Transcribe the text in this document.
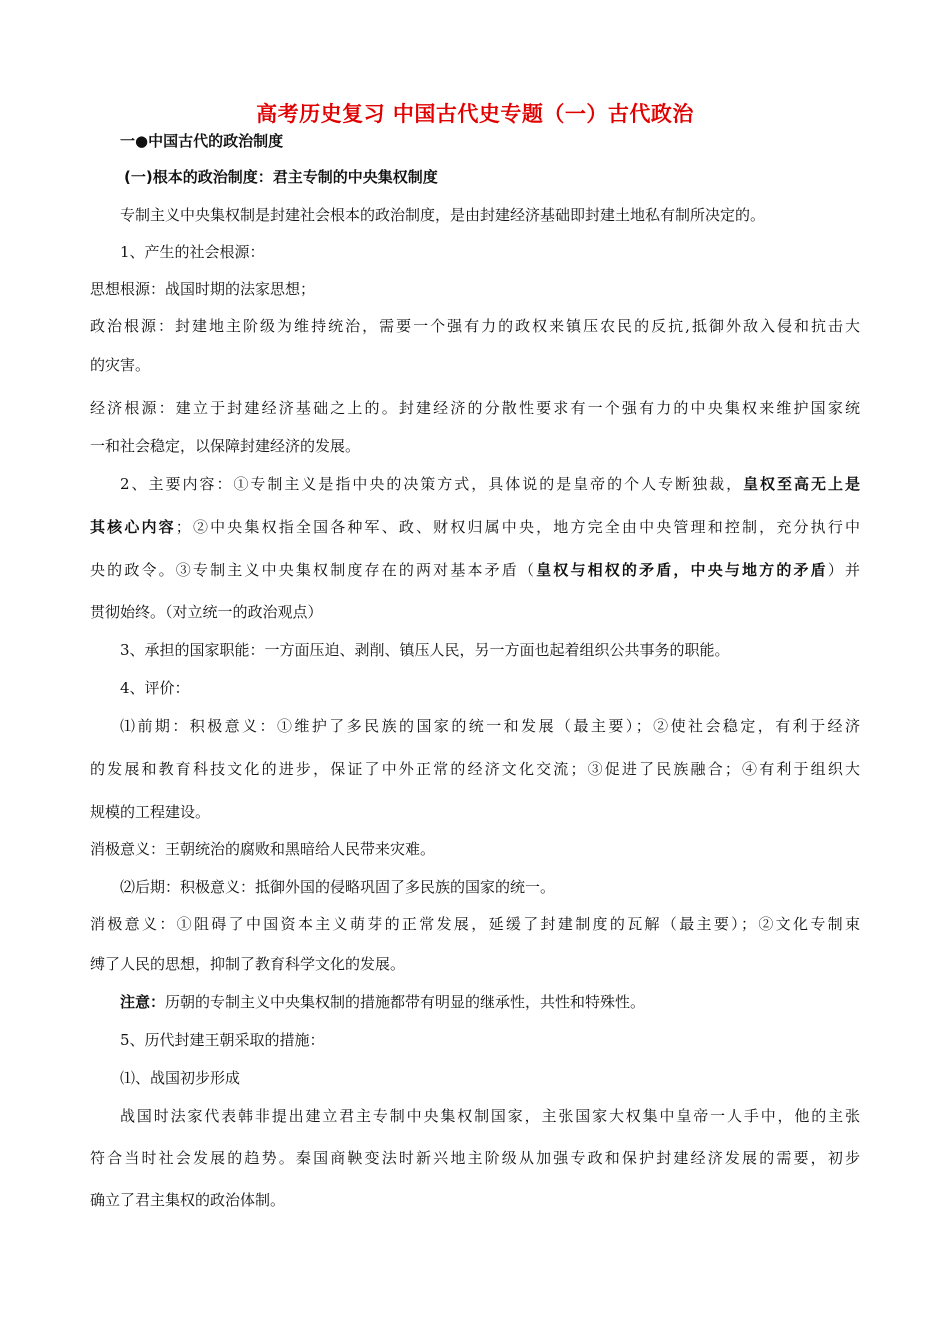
高考历史复习 中国古代史专题（一）古代政治
一●中国古代的政治制度
(一)根本的政治制度：君主专制的中央集权制度
专制主义中央集权制是封建社会根本的政治制度，是由封建经济基础即封建土地私有制所决定的。
1、产生的社会根源：
思想根源：战国时期的法家思想；
政治根源：封建地主阶级为维持统治，需要一个强有力的政权来镇压农民的反抗,抵御外敌入侵和抗击大
的灾害。
经济根源：建立于封建经济基础之上的。封建经济的分散性要求有一个强有力的中央集权来维护国家统
一和社会稳定，以保障封建经济的发展。
2、主要内容：①专制主义是指中央的决策方式，具体说的是皇帝的个人专断独裁，皇权至高无上是
其核心内容；②中央集权指全国各种军、政、财权归属中央，地方完全由中央管理和控制，充分执行中
央的政令。③专制主义中央集权制度存在的两对基本矛盾（皇权与相权的矛盾，中央与地方的矛盾）并
贯彻始终。（对立统一的政治观点）
3、承担的国家职能：一方面压迫、剥削、镇压人民，另一方面也起着组织公共事务的职能。
4、评价：
⑴前期：积极意义：①维护了多民族的国家的统一和发展（最主要）；②使社会稳定，有利于经济
的发展和教育科技文化的进步，保证了中外正常的经济文化交流；③促进了民族融合；④有利于组织大
规模的工程建设。
消极意义：王朝统治的腐败和黑暗给人民带来灾难。
⑵后期：积极意义：抵御外国的侵略巩固了多民族的国家的统一。
消极意义：①阻碍了中国资本主义萌芽的正常发展，延缓了封建制度的瓦解（最主要）；②文化专制束
缚了人民的思想，抑制了教育科学文化的发展。
注意：历朝的专制主义中央集权制的措施都带有明显的继承性，共性和特殊性。
5、历代封建王朝采取的措施：
⑴、战国初步形成
战国时法家代表韩非提出建立君主专制中央集权制国家，主张国家大权集中皇帝一人手中，他的主张
符合当时社会发展的趋势。秦国商鞅变法时新兴地主阶级从加强专政和保护封建经济发展的需要，初步
确立了君主集权的政治体制。
